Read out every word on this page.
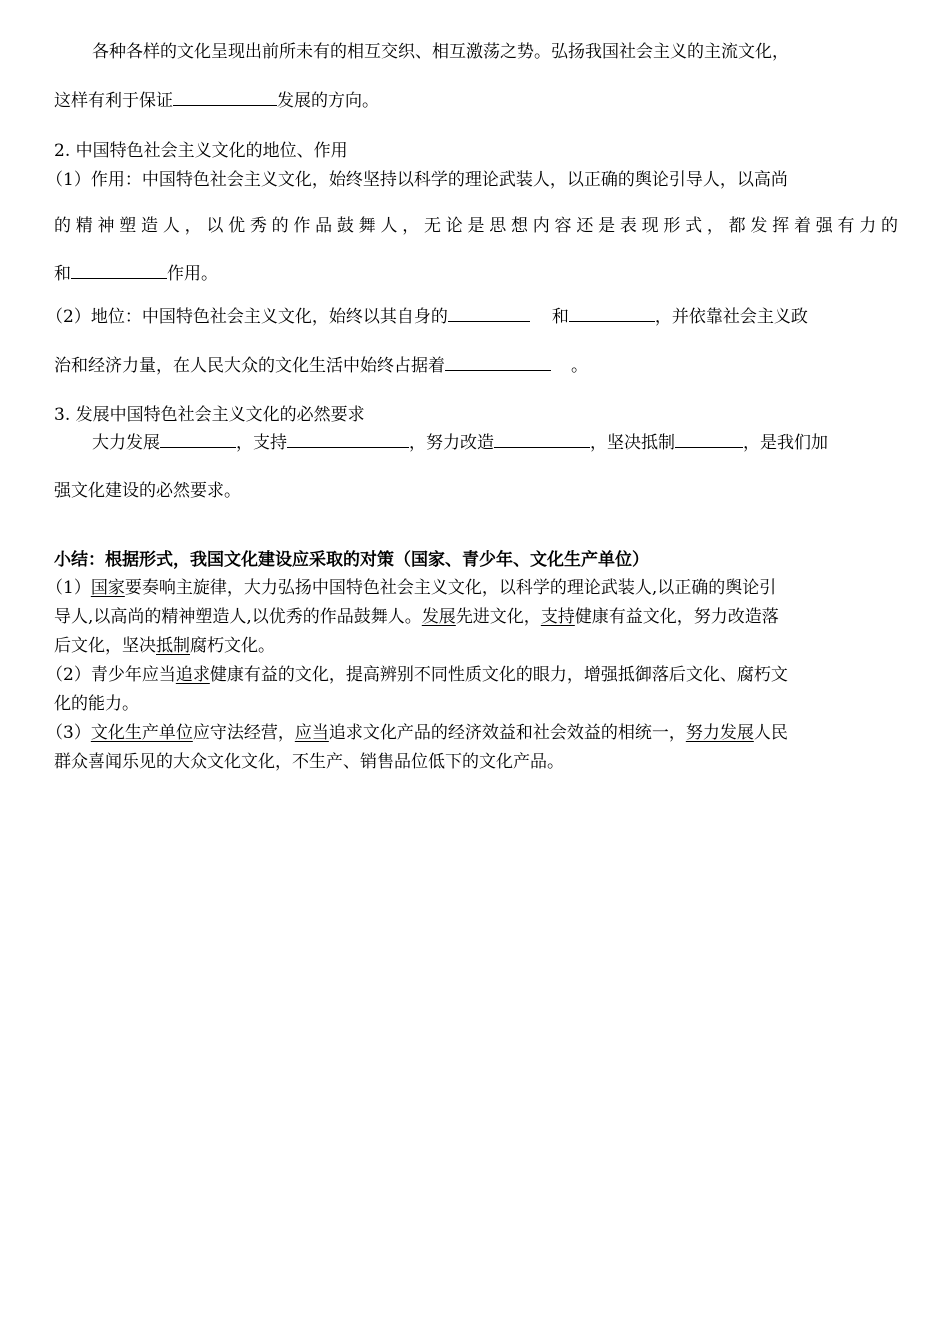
各种各样的文化呈现出前所未有的相互交织、相互激荡之势。弘扬我国社会主义的主流文化，
这样有利于保证	发展的方向。
2. 中国特色社会主义文化的地位、作用
（1）作用：中国特色社会主义文化，始终坚持以科学的理论武装人，以正确的舆论引导人，以高尚
的精神塑造人，以优秀的作品鼓舞人，无论是思想内容还是表现形式，都发挥着强有力的
和	作用。
（2）地位：中国特色社会主义文化，始终以其自身的	和	，并依靠社会主义政
治和经济力量，在人民大众的文化生活中始终占据着	。
3. 发展中国特色社会主义文化的必然要求
大力发展	，支持	，努力改造	，坚决抵制	，是我们加
强文化建设的必然要求。
小结：根据形式，我国文化建设应采取的对策（国家、青少年、文化生产单位）
（1）国家要奏响主旋律，大力弘扬中国特色社会主义文化，以科学的理论武装人,以正确的舆论引
导人,以高尚的精神塑造人,以优秀的作品鼓舞人。发展先进文化，支持健康有益文化，努力改造落
后文化，坚决抵制腐朽文化。
（2）青少年应当追求健康有益的文化，提高辨别不同性质文化的眼力，增强抵御落后文化、腐朽文
化的能力。
（3）文化生产单位应守法经营，应当追求文化产品的经济效益和社会效益的相统一，努力发展人民
群众喜闻乐见的大众文化文化，不生产、销售品位低下的文化产品。
